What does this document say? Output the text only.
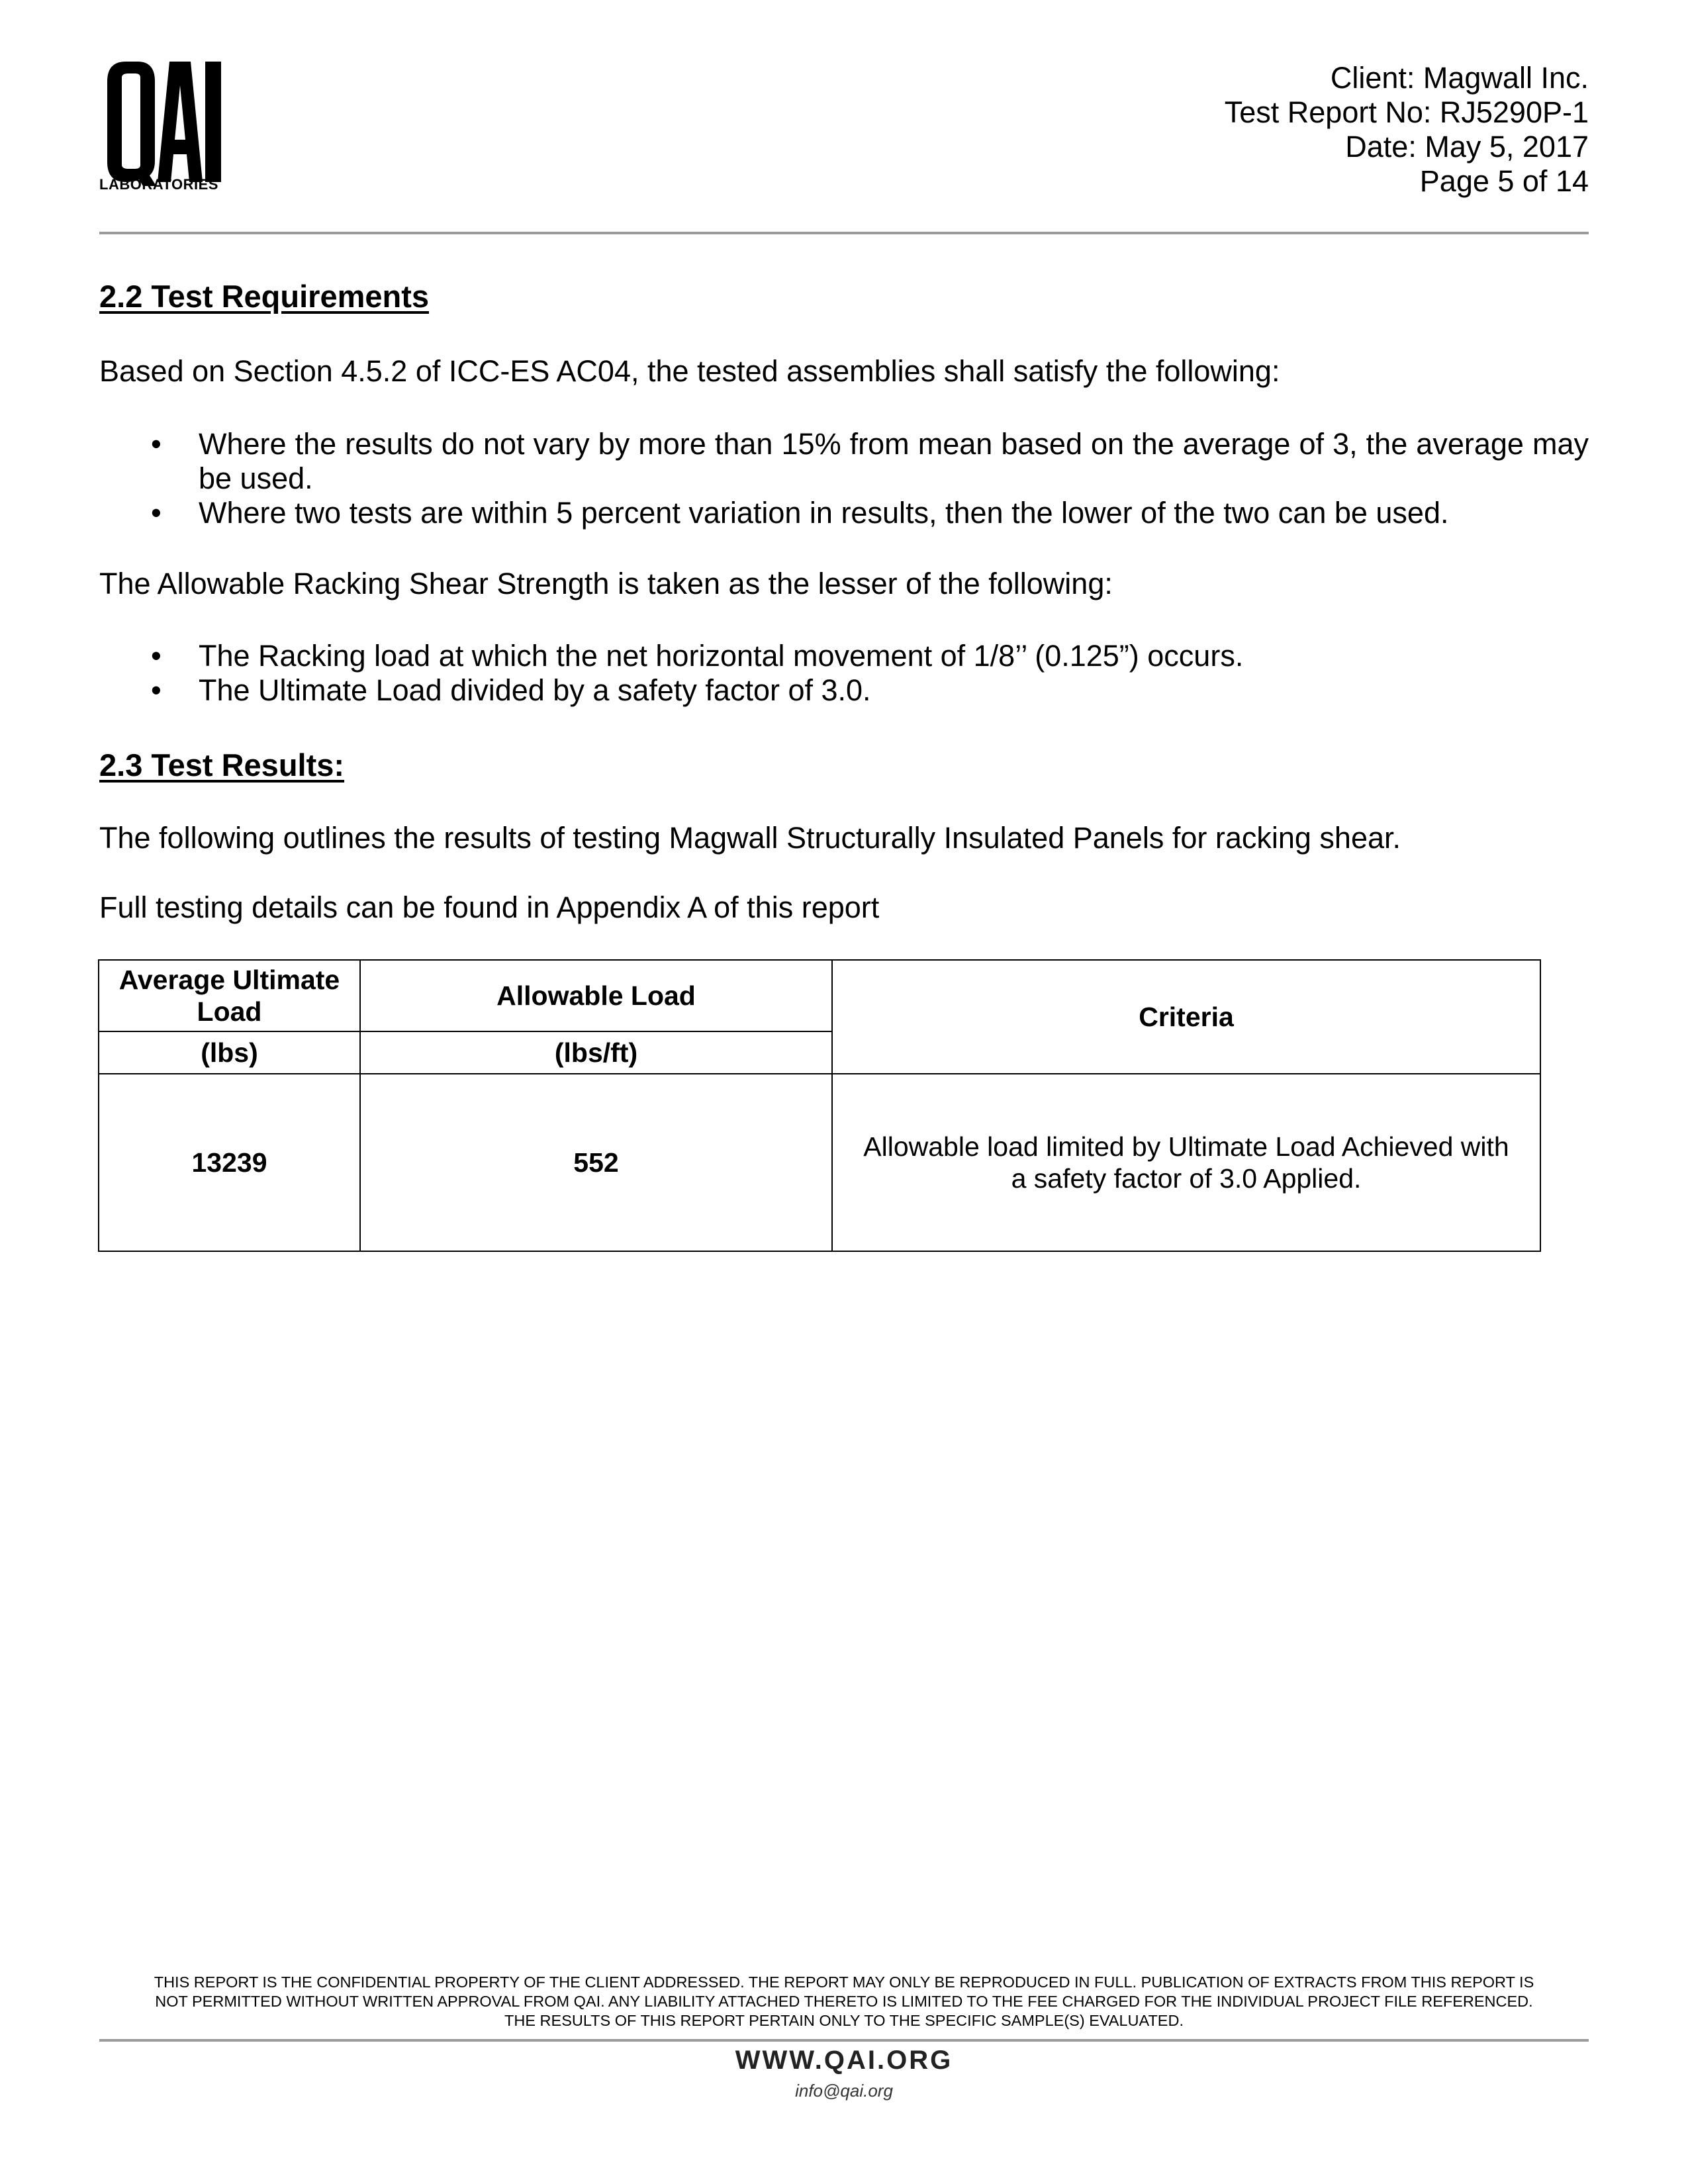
LABORATORIES
Client: Magwall Inc.
Test Report No: RJ5290P-1
Date: May 5, 2017
Page 5 of 14
2.2 Test Requirements

Based on Section 4.5.2 of ICC-ES AC04, the tested assemblies shall satisfy the following:

• Where the results do not vary by more than 15% from mean based on the average of 3, the average may be used.
• Where two tests are within 5 percent variation in results, then the lower of the two can be used.

The Allowable Racking Shear Strength is taken as the lesser of the following:

• The Racking load at which the net horizontal movement of 1/8’’ (0.125”) occurs.
• The Ultimate Load divided by a safety factor of 3.0.
2.3 Test Results:

The following outlines the results of testing Magwall Structurally Insulated Panels for racking shear.

Full testing details can be found in Appendix A of this report

Average Ultimate Load	Allowable Load	Criteria
(lbs)	(lbs/ft)	
13239	552	Allowable load limited by Ultimate Load Achieved with a safety factor of 3.0 Applied.
THIS REPORT IS THE CONFIDENTIAL PROPERTY OF THE CLIENT ADDRESSED. THE REPORT MAY ONLY BE REPRODUCED IN FULL. PUBLICATION OF EXTRACTS FROM THIS REPORT IS
NOT PERMITTED WITHOUT WRITTEN APPROVAL FROM QAI. ANY LIABILITY ATTACHED THERETO IS LIMITED TO THE FEE CHARGED FOR THE INDIVIDUAL PROJECT FILE REFERENCED.
THE RESULTS OF THIS REPORT PERTAIN ONLY TO THE SPECIFIC SAMPLE(S) EVALUATED.
WWW.QAI.ORG
info@qai.org
